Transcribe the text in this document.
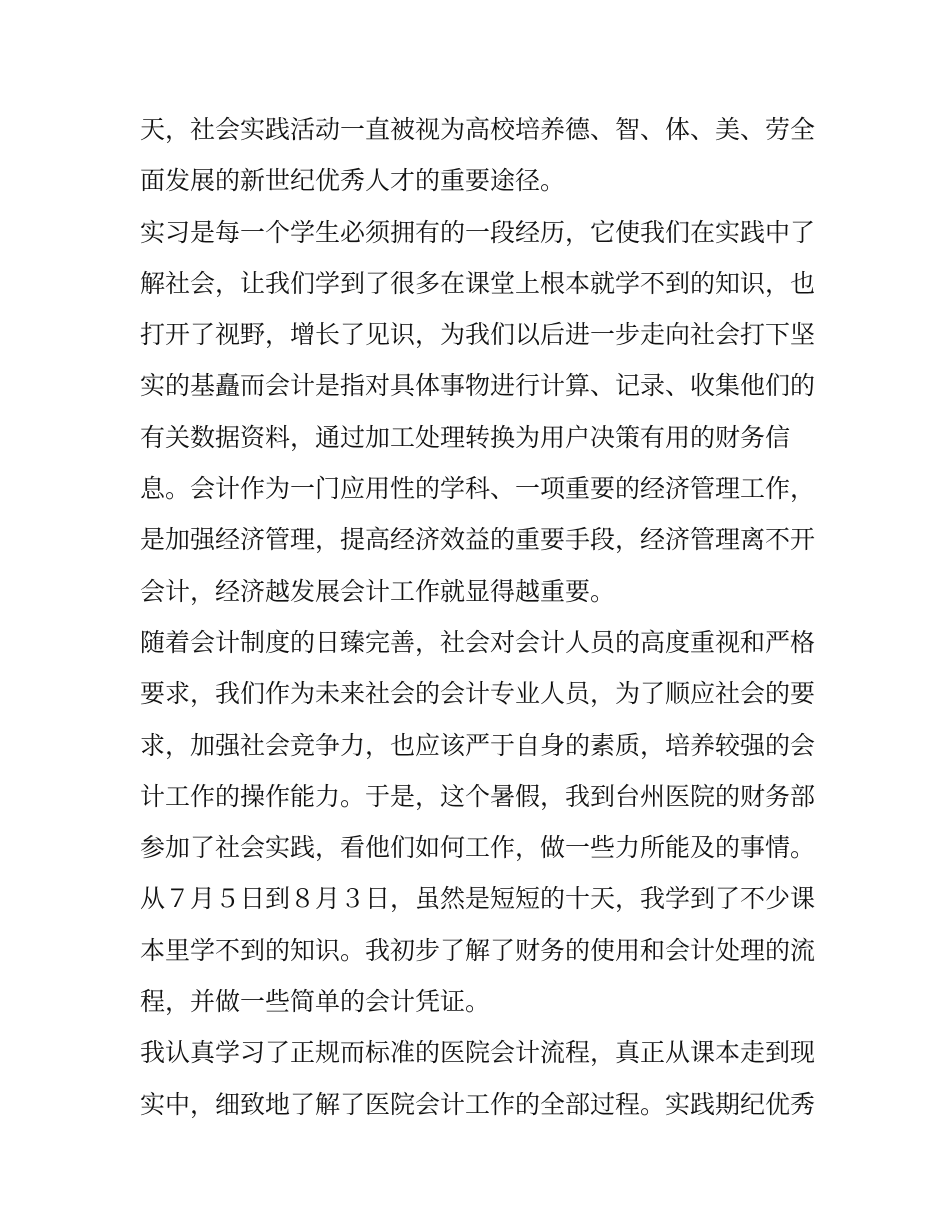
天，社会实践活动一直被视为高校培养德、智、体、美、劳全
面发展的新世纪优秀人才的重要途径。
实习是每一个学生必须拥有的一段经历，它使我们在实践中了
解社会，让我们学到了很多在课堂上根本就学不到的知识，也
打开了视野，增长了见识，为我们以后进一步走向社会打下坚
实的基矗而会计是指对具体事物进行计算、记录、收集他们的
有关数据资料，通过加工处理转换为用户决策有用的财务信
息。会计作为一门应用性的学科、一项重要的经济管理工作，
是加强经济管理，提高经济效益的重要手段，经济管理离不开
会计，经济越发展会计工作就显得越重要。
随着会计制度的日臻完善，社会对会计人员的高度重视和严格
要求，我们作为未来社会的会计专业人员，为了顺应社会的要
求，加强社会竞争力，也应该严于自身的素质，培养较强的会
计工作的操作能力。于是，这个暑假，我到台州医院的财务部
参加了社会实践，看他们如何工作，做一些力所能及的事情。
从７月５日到８月３日，虽然是短短的十天，我学到了不少课
本里学不到的知识。我初步了解了财务的使用和会计处理的流
程，并做一些简单的会计凭证。
我认真学习了正规而标准的医院会计流程，真正从课本走到现
实中，细致地了解了医院会计工作的全部过程。实践期纪优秀
